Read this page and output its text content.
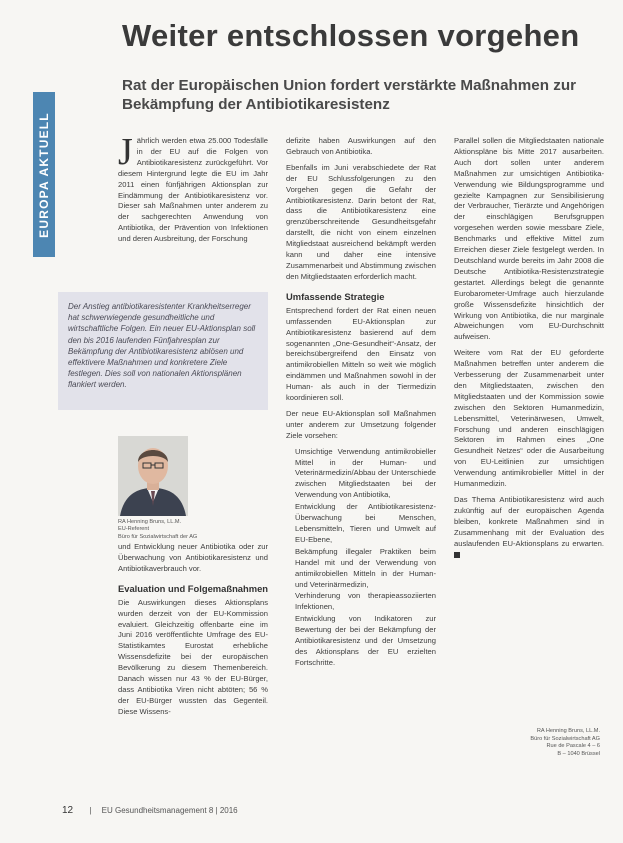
EUROPA AKTUELL
Weiter entschlossen vorgehen

Rat der Europäischen Union fordert verstärkte Maßnahmen zur Bekämpfung der Antibiotikaresistenz

Jährlich werden etwa 25.000 Todesfälle in der EU auf die Folgen von Antibiotikaresistenz zurückgeführt. Vor diesem Hintergrund legte die EU im Jahr 2011 einen fünfjährigen Aktionsplan zur Eindämmung der Antibiotikaresistenz vor. Dieser sah Maßnahmen unter anderem zu der sachgerechten Anwendung von Antibiotika, der Prävention von Infektionen und deren Ausbreitung, der Forschung

Der Anstieg antibiotikaresistenter Krankheitserreger hat schwerwiegende gesundheitliche und wirtschaftliche Folgen. Ein neuer EU-Aktionsplan soll den bis 2016 laufenden Fünfjahresplan zur Bekämpfung der Antibiotikaresistenz ablösen und effektivere Maßnahmen und konkretere Ziele festlegen. Dies soll von nationalen Aktionsplänen flankiert werden.

RA Henning Bruns, LL.M.
EU-Referent
Büro für Sozialwirtschaft der AG

und Entwicklung neuer Antibiotika oder zur Überwachung von Antibiotikaresistenz und Antibiotikaverbrauch vor.

Evaluation und Folgemaßnahmen

Die Auswirkungen dieses Aktionsplans wurden derzeit von der EU-Kommission evaluiert. Gleichzeitig offenbarte eine im Juni 2016 veröffentlichte Umfrage des EU-Statistikamtes Eurostat erhebliche Wissensdefizite bei der europäischen Bevölkerung zu diesem Themenbereich. Danach wissen nur 43 % der EU-Bürger, dass Antibiotika Viren nicht abtöten; 56 % der EU-Bürger wussten das Gegenteil. Diese Wissens-

defizite haben Auswirkungen auf den Gebrauch von Antibiotika.

Ebenfalls im Juni verabschiedete der Rat der EU Schlussfolgerungen zu den Vorgehen gegen die Gefahr der Antibiotikaresistenz. Darin betont der Rat, dass die Antibiotikaresistenz eine grenzüberschreitende Gesundheitsgefahr darstellt, die nicht von einem einzelnen Mitgliedstaat ausreichend bekämpft werden kann und daher eine intensive Zusammenarbeit und Abstimmung zwischen den Mitgliedstaaten erforderlich macht.

Umfassende Strategie

Entsprechend fordert der Rat einen neuen umfassenden EU-Aktionsplan zur Antibiotikaresistenz basierend auf dem sogenannten „One-Gesundheit“-Ansatz, der bereichsübergreifend den Einsatz von antimikrobiellen Mitteln so weit wie möglich eindämmen und Maßnahmen sowohl in der Human- als auch in der Tiermedizin koordinieren soll.

Der neue EU-Aktionsplan soll Maßnahmen unter anderem zur Umsetzung folgender Ziele vorsehen:

• Umsichtige Verwendung antimikrobieller Mittel in der Human- und Veterinärmedizin/Abbau der Unterschiede zwischen Mitgliedstaaten bei der Verwendung von Antibiotika,
• Entwicklung der Antibiotikaresistenz-Überwachung bei Menschen, Lebensmitteln, Tieren und Umwelt auf EU-Ebene,
• Bekämpfung illegaler Praktiken beim Handel mit und der Verwendung von antimikrobiellen Mitteln in der Human- und Veterinärmedizin,
• Verhinderung von therapieassoziierten Infektionen,
• Entwicklung von Indikatoren zur Bewertung der bei der Bekämpfung der Antibiotikaresistenz und der Umsetzung des Aktionsplans der EU erzielten Fortschritte.

Parallel sollen die Mitgliedstaaten nationale Aktionspläne bis Mitte 2017 ausarbeiten. Auch dort sollen unter anderem Maßnahmen zur umsichtigen Antibiotika-Verwendung wie Bildungsprogramme und gezielte Kampagnen zur Sensibilisierung der Verbraucher, Tierärzte und Angehörigen der einschlägigen Berufsgruppen vorgesehen werden sowie messbare Ziele, Benchmarks und effektive Mittel zum Erreichen dieser Ziele festgelegt werden. In Deutschland wurde bereits im Jahr 2008 die Deutsche Antibiotika-Resistenzstrategie gestartet. Allerdings belegt die genannte Eurobarometer-Umfrage auch hierzulande große Wissensdefizite hinsichtlich der Wirkung von Antibiotika, die nur marginale Abweichungen vom EU-Durchschnitt aufweisen.

Weitere vom Rat der EU geforderte Maßnahmen betreffen unter anderem die Verbesserung der Zusammenarbeit unter den Mitgliedstaaten, zwischen den Mitgliedstaaten und der Kommission sowie zwischen den Sektoren Humanmedizin, Lebensmittel, Veterinärwesen, Umwelt, Forschung und anderen einschlägigen Sektoren im Rahmen eines „One Gesundheit Netzes“ oder die Ausarbeitung von EU-Leitlinien zur umsichtigen Verwendung antimikrobieller Mittel in der Humanmedizin.

Das Thema Antibiotikaresistenz wird auch zukünftig auf der europäischen Agenda bleiben, konkrete Maßnahmen sind in Zusammenhang mit der Evaluation des auslaufenden EU-Aktionsplans zu erwarten.

RA Henning Bruns, LL.M.
Büro für Sozialwirtschaft AG
Rue de Pascale 4 – 6
B – 1040 Brüssel
12 | EU Gesundheitsmanagement 8 | 2016
